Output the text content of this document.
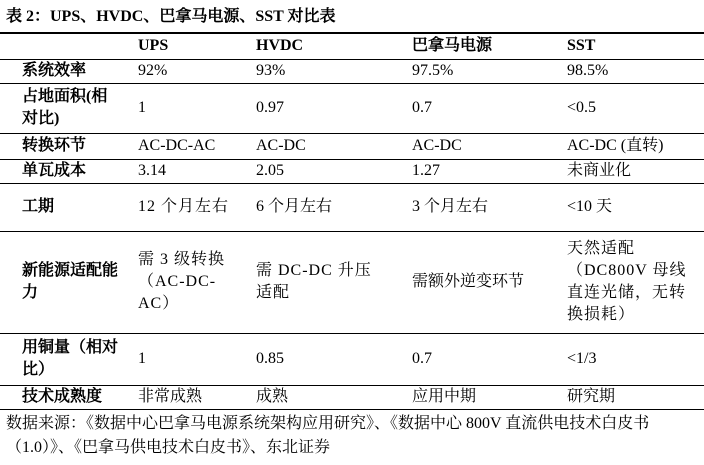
表 2：UPS、HVDC、巴拿马电源、SST 对比表
	UPS	HVDC	巴拿马电源	SST
系统效率	92%	93%	97.5%	98.5%
占地面积(相对比)	1	0.97	0.7	<0.5
转换环节	AC-DC-AC	AC-DC	AC-DC	AC-DC (直转)
单瓦成本	3.14	2.05	1.27	未商业化
工期	12 个月左右	6 个月左右	3 个月左右	<10 天
新能源适配能力	需 3 级转换（AC-DC-AC）	需 DC-DC 升压适配	需额外逆变环节	天然适配（DC800V 母线直连光储，无转换损耗）
用铜量（相对比）	1	0.85	0.7	<1/3
技术成熟度	非常成熟	成熟	应用中期	研究期
数据来源：《数据中心巴拿马电源系统架构应用研究》、《数据中心 800V 直流供电技术白皮书（1.0）》、《巴拿马供电技术白皮书》、东北证券
